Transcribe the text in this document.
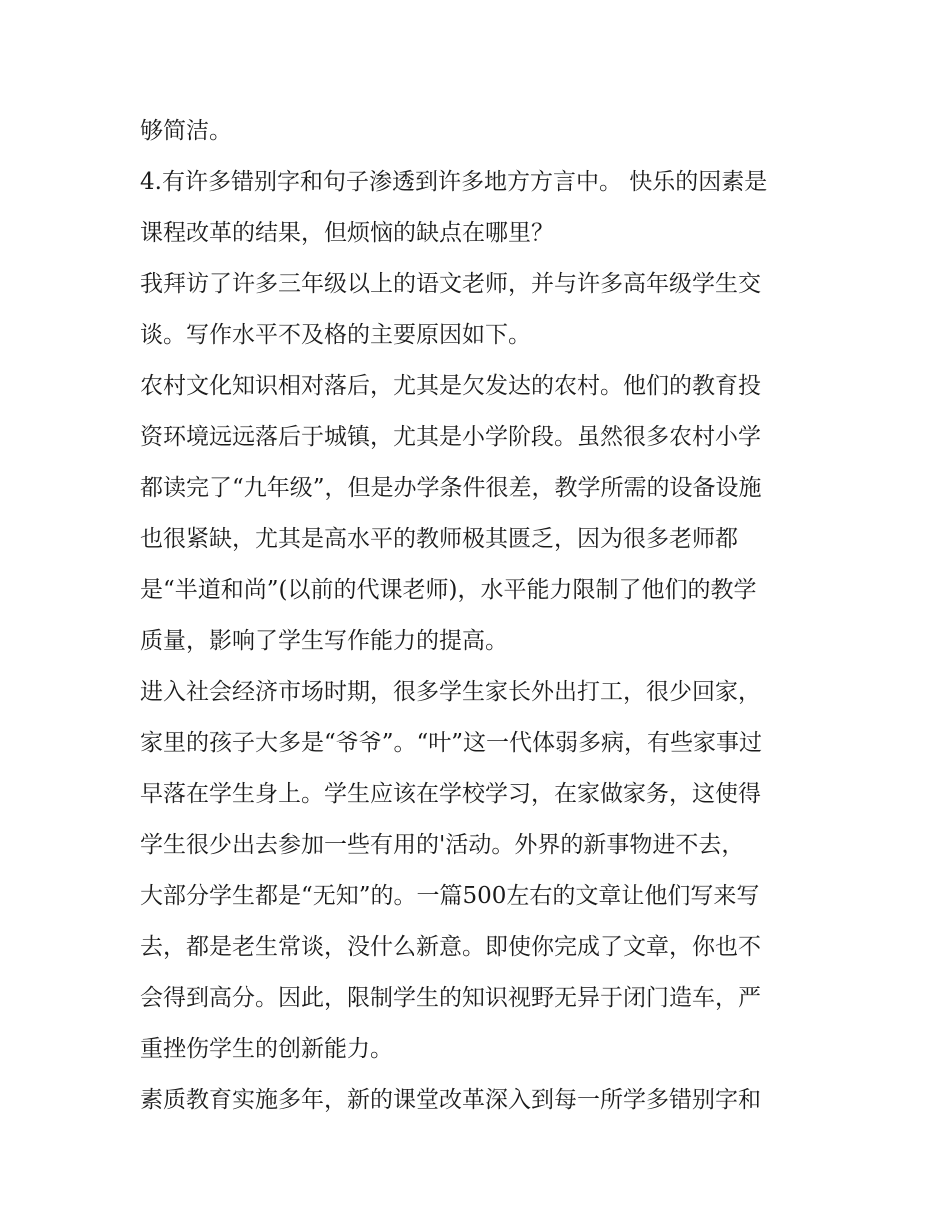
够简洁。
4.有许多错别字和句子渗透到许多地方方言中。 快乐的因素是
课程改革的结果，但烦恼的缺点在哪里？
我拜访了许多三年级以上的语文老师，并与许多高年级学生交
谈。写作水平不及格的主要原因如下。
农村文化知识相对落后，尤其是欠发达的农村。他们的教育投
资环境远远落后于城镇，尤其是小学阶段。虽然很多农村小学
都读完了“九年级”，但是办学条件很差，教学所需的设备设施
也很紧缺，尤其是高水平的教师极其匮乏，因为很多老师都
是“半道和尚”(以前的代课老师)，水平能力限制了他们的教学
质量，影响了学生写作能力的提高。
进入社会经济市场时期，很多学生家长外出打工，很少回家，
家里的孩子大多是“爷爷”。“叶”这一代体弱多病，有些家事过
早落在学生身上。学生应该在学校学习，在家做家务，这使得
学生很少出去参加一些有用的'活动。外界的新事物进不去，
大部分学生都是“无知”的。一篇500左右的文章让他们写来写
去，都是老生常谈，没什么新意。即使你完成了文章，你也不
会得到高分。因此，限制学生的知识视野无异于闭门造车，严
重挫伤学生的创新能力。
素质教育实施多年，新的课堂改革深入到每一所学多错别字和
